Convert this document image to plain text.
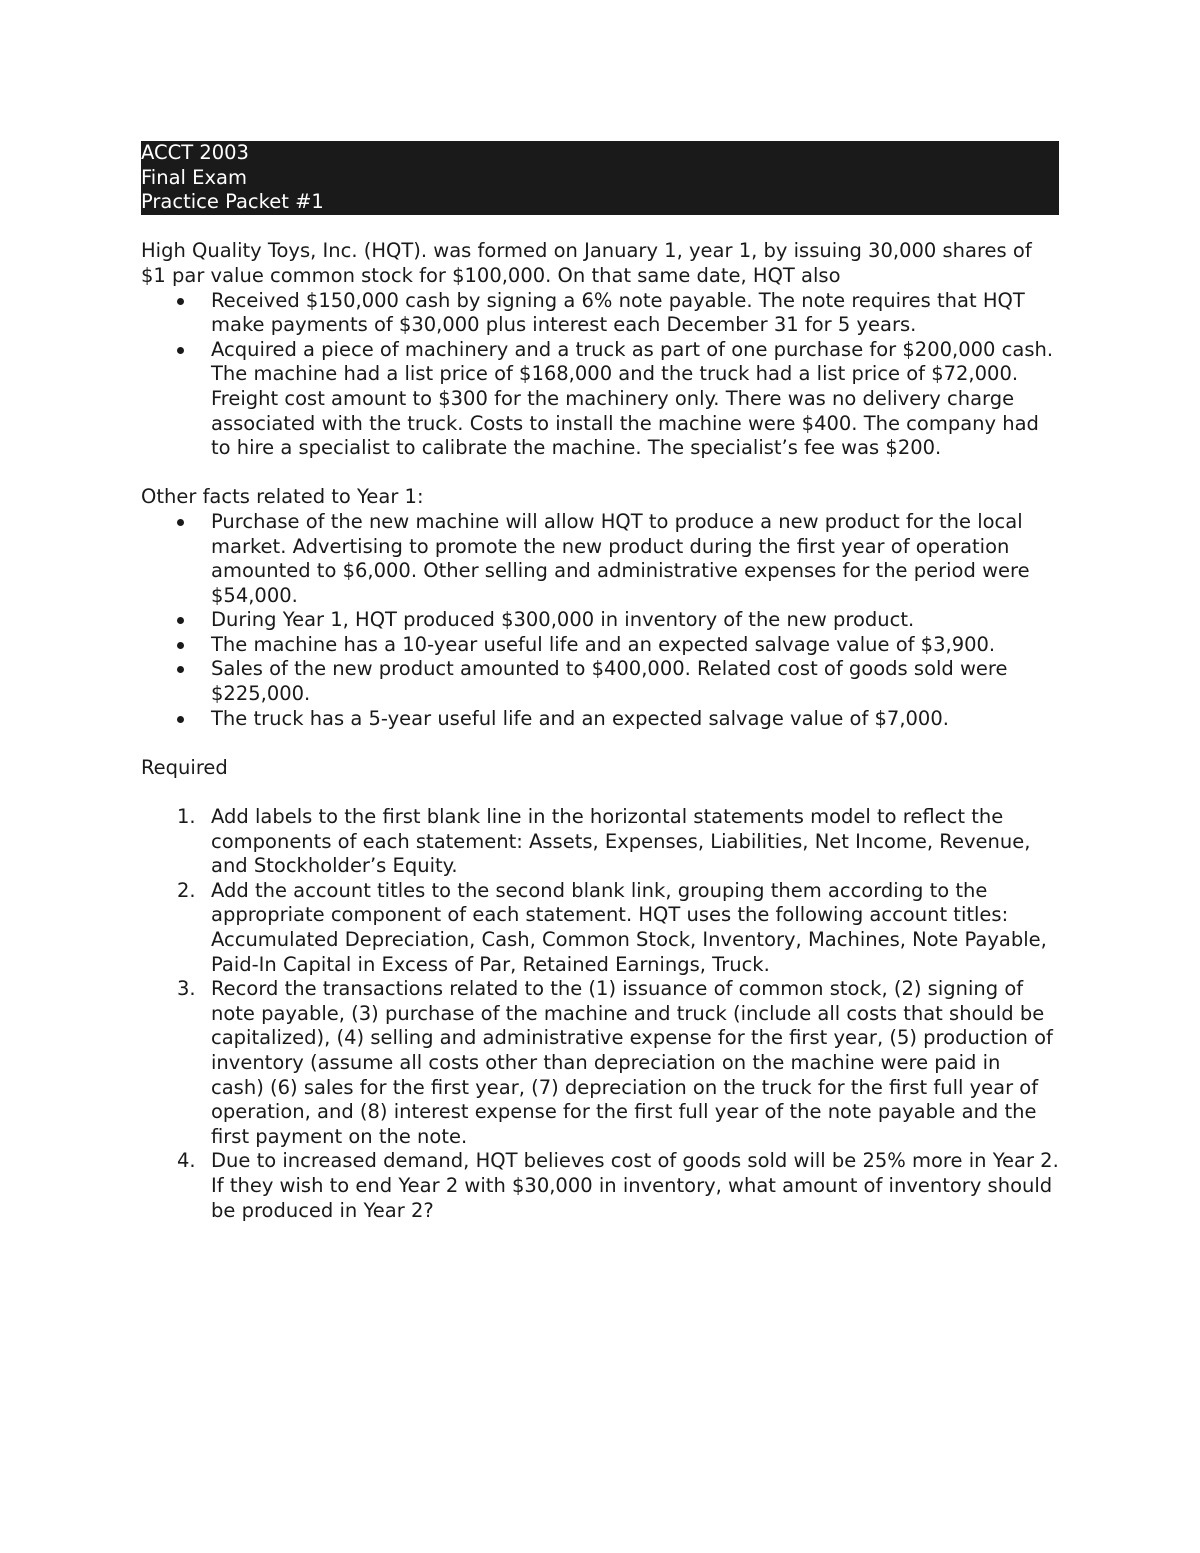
ACCT 2003
Final Exam
Practice Packet #1

High Quality Toys, Inc. (HQT). was formed on January 1, year 1, by issuing 30,000 shares of $1 par value common stock for $100,000. On that same date, HQT also

Received $150,000 cash by signing a 6% note payable. The note requires that HQT make payments of $30,000 plus interest each December 31 for 5 years.
Acquired a piece of machinery and a truck as part of one purchase for $200,000 cash. The machine had a list price of $168,000 and the truck had a list price of $72,000. Freight cost amount to $300 for the machinery only. There was no delivery charge associated with the truck. Costs to install the machine were $400. The company had to hire a specialist to calibrate the machine. The specialist’s fee was $200.

Other facts related to Year 1:

Purchase of the new machine will allow HQT to produce a new product for the local market. Advertising to promote the new product during the first year of operation amounted to $6,000. Other selling and administrative expenses for the period were $54,000.
During Year 1, HQT produced $300,000 in inventory of the new product.
The machine has a 10-year useful life and an expected salvage value of $3,900.
Sales of the new product amounted to $400,000. Related cost of goods sold were $225,000.
The truck has a 5-year useful life and an expected salvage value of $7,000.

Required

1. Add labels to the first blank line in the horizontal statements model to reflect the components of each statement: Assets, Expenses, Liabilities, Net Income, Revenue, and Stockholder’s Equity.
2. Add the account titles to the second blank link, grouping them according to the appropriate component of each statement. HQT uses the following account titles: Accumulated Depreciation, Cash, Common Stock, Inventory, Machines, Note Payable, Paid-In Capital in Excess of Par, Retained Earnings, Truck.
3. Record the transactions related to the (1) issuance of common stock, (2) signing of note payable, (3) purchase of the machine and truck (include all costs that should be capitalized), (4) selling and administrative expense for the first year, (5) production of inventory (assume all costs other than depreciation on the machine were paid in cash) (6) sales for the first year, (7) depreciation on the truck for the first full year of operation, and (8) interest expense for the first full year of the note payable and the first payment on the note.
4. Due to increased demand, HQT believes cost of goods sold will be 25% more in Year 2. If they wish to end Year 2 with $30,000 in inventory, what amount of inventory should be produced in Year 2?
